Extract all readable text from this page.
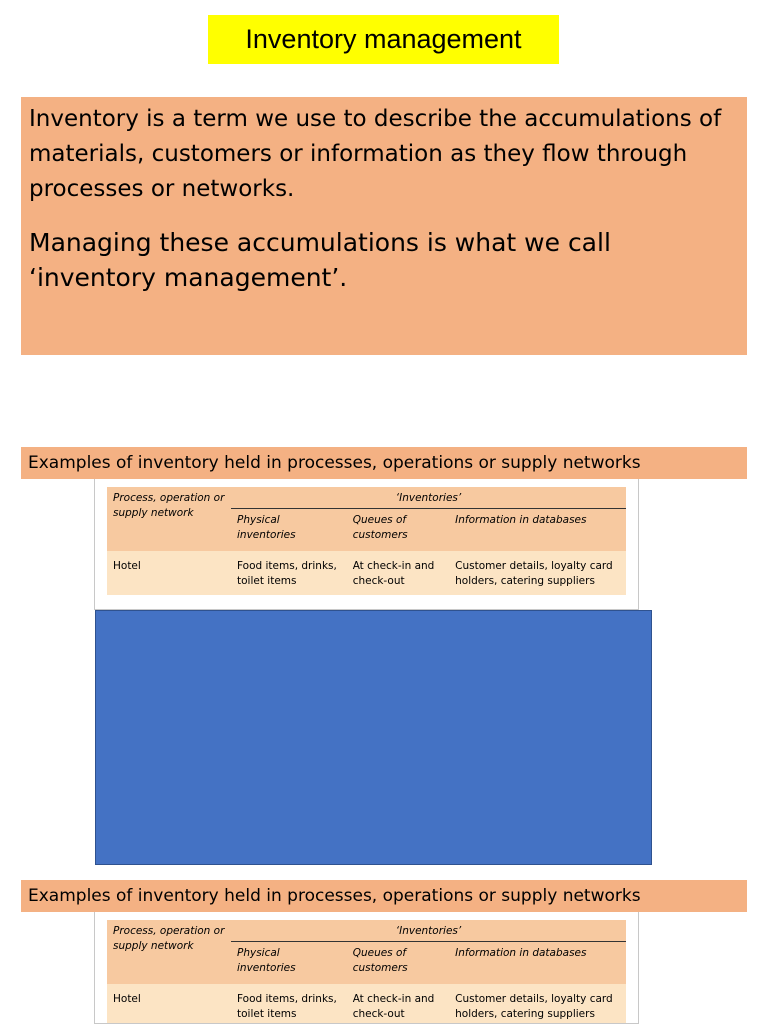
Inventory management

Inventory is a term we use to describe the accumulations of materials, customers or information as they flow through processes or networks.

Managing these accumulations is what we call ‘inventory management’.

Examples of inventory held in processes, operations or supply networks
Process, operation or supply network	‘Inventories’		
	Physical inventories	Queues of customers	Information in databases
Hotel	Food items, drinks, toilet items	At check-in and check-out	Customer details, loyalty card holders, catering suppliers
Examples of inventory held in processes, operations or supply networks
Process, operation or supply network	‘Inventories’		
	Physical inventories	Queues of customers	Information in databases
Hotel	Food items, drinks, toilet items	At check-in and check-out	Customer details, loyalty card holders, catering suppliers
